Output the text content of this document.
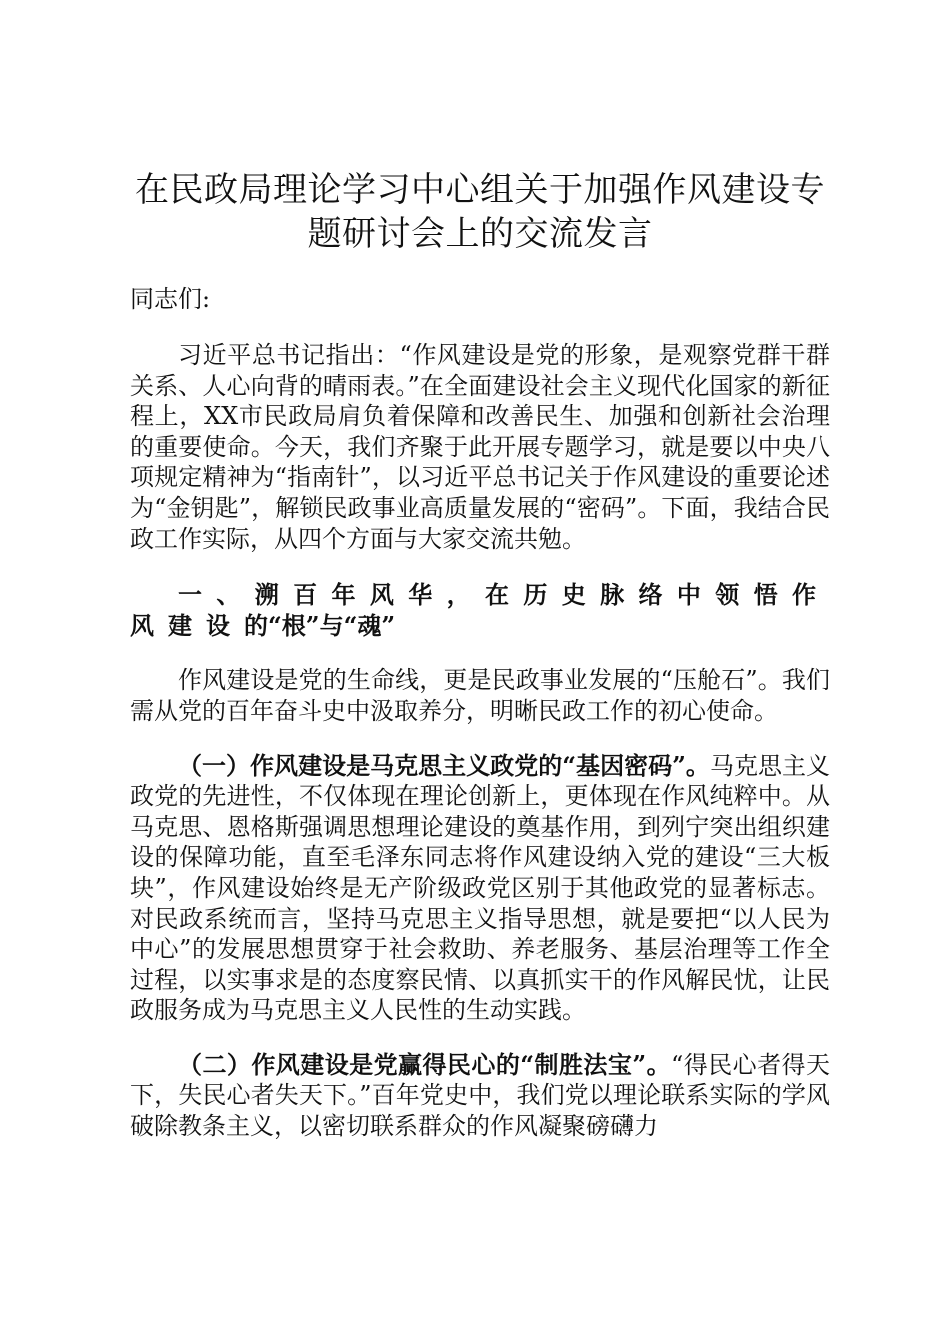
在民政局理论学习中心组关于加强作风建设专题研讨会上的交流发言

同志们:

习近平总书记指出：“作风建设是党的形象，是观察党群干群关系、人心向背的晴雨表。”在全面建设社会主义现代化国家的新征程上，XX市民政局肩负着保障和改善民生、加强和创新社会治理的重要使命。今天，我们齐聚于此开展专题学习，就是要以中央八项规定精神为“指南针”，以习近平总书记关于作风建设的重要论述为“金钥匙”，解锁民政事业高质量发展的“密码”。下面，我结合民政工作实际，从四个方面与大家交流共勉。

一、溯百年风华，在历史脉络中领悟作风建设的“根”与“魂”

作风建设是党的生命线，更是民政事业发展的“压舱石”。我们需从党的百年奋斗史中汲取养分，明晰民政工作的初心使命。

（一）作风建设是马克思主义政党的“基因密码”。马克思主义政党的先进性，不仅体现在理论创新上，更体现在作风纯粹中。从马克思、恩格斯强调思想理论建设的奠基作用，到列宁突出组织建设的保障功能，直至毛泽东同志将作风建设纳入党的建设“三大板块”，作风建设始终是无产阶级政党区别于其他政党的显著标志。对民政系统而言，坚持马克思主义指导思想，就是要把“以人民为中心”的发展思想贯穿于社会救助、养老服务、基层治理等工作全过程，以实事求是的态度察民情、以真抓实干的作风解民忧，让民政服务成为马克思主义人民性的生动实践。

（二）作风建设是党赢得民心的“制胜法宝”。“得民心者得天下，失民心者失天下。”百年党史中，我们党以理论联系实际的学风破除教条主义，以密切联系群众的作风凝聚磅礴力
